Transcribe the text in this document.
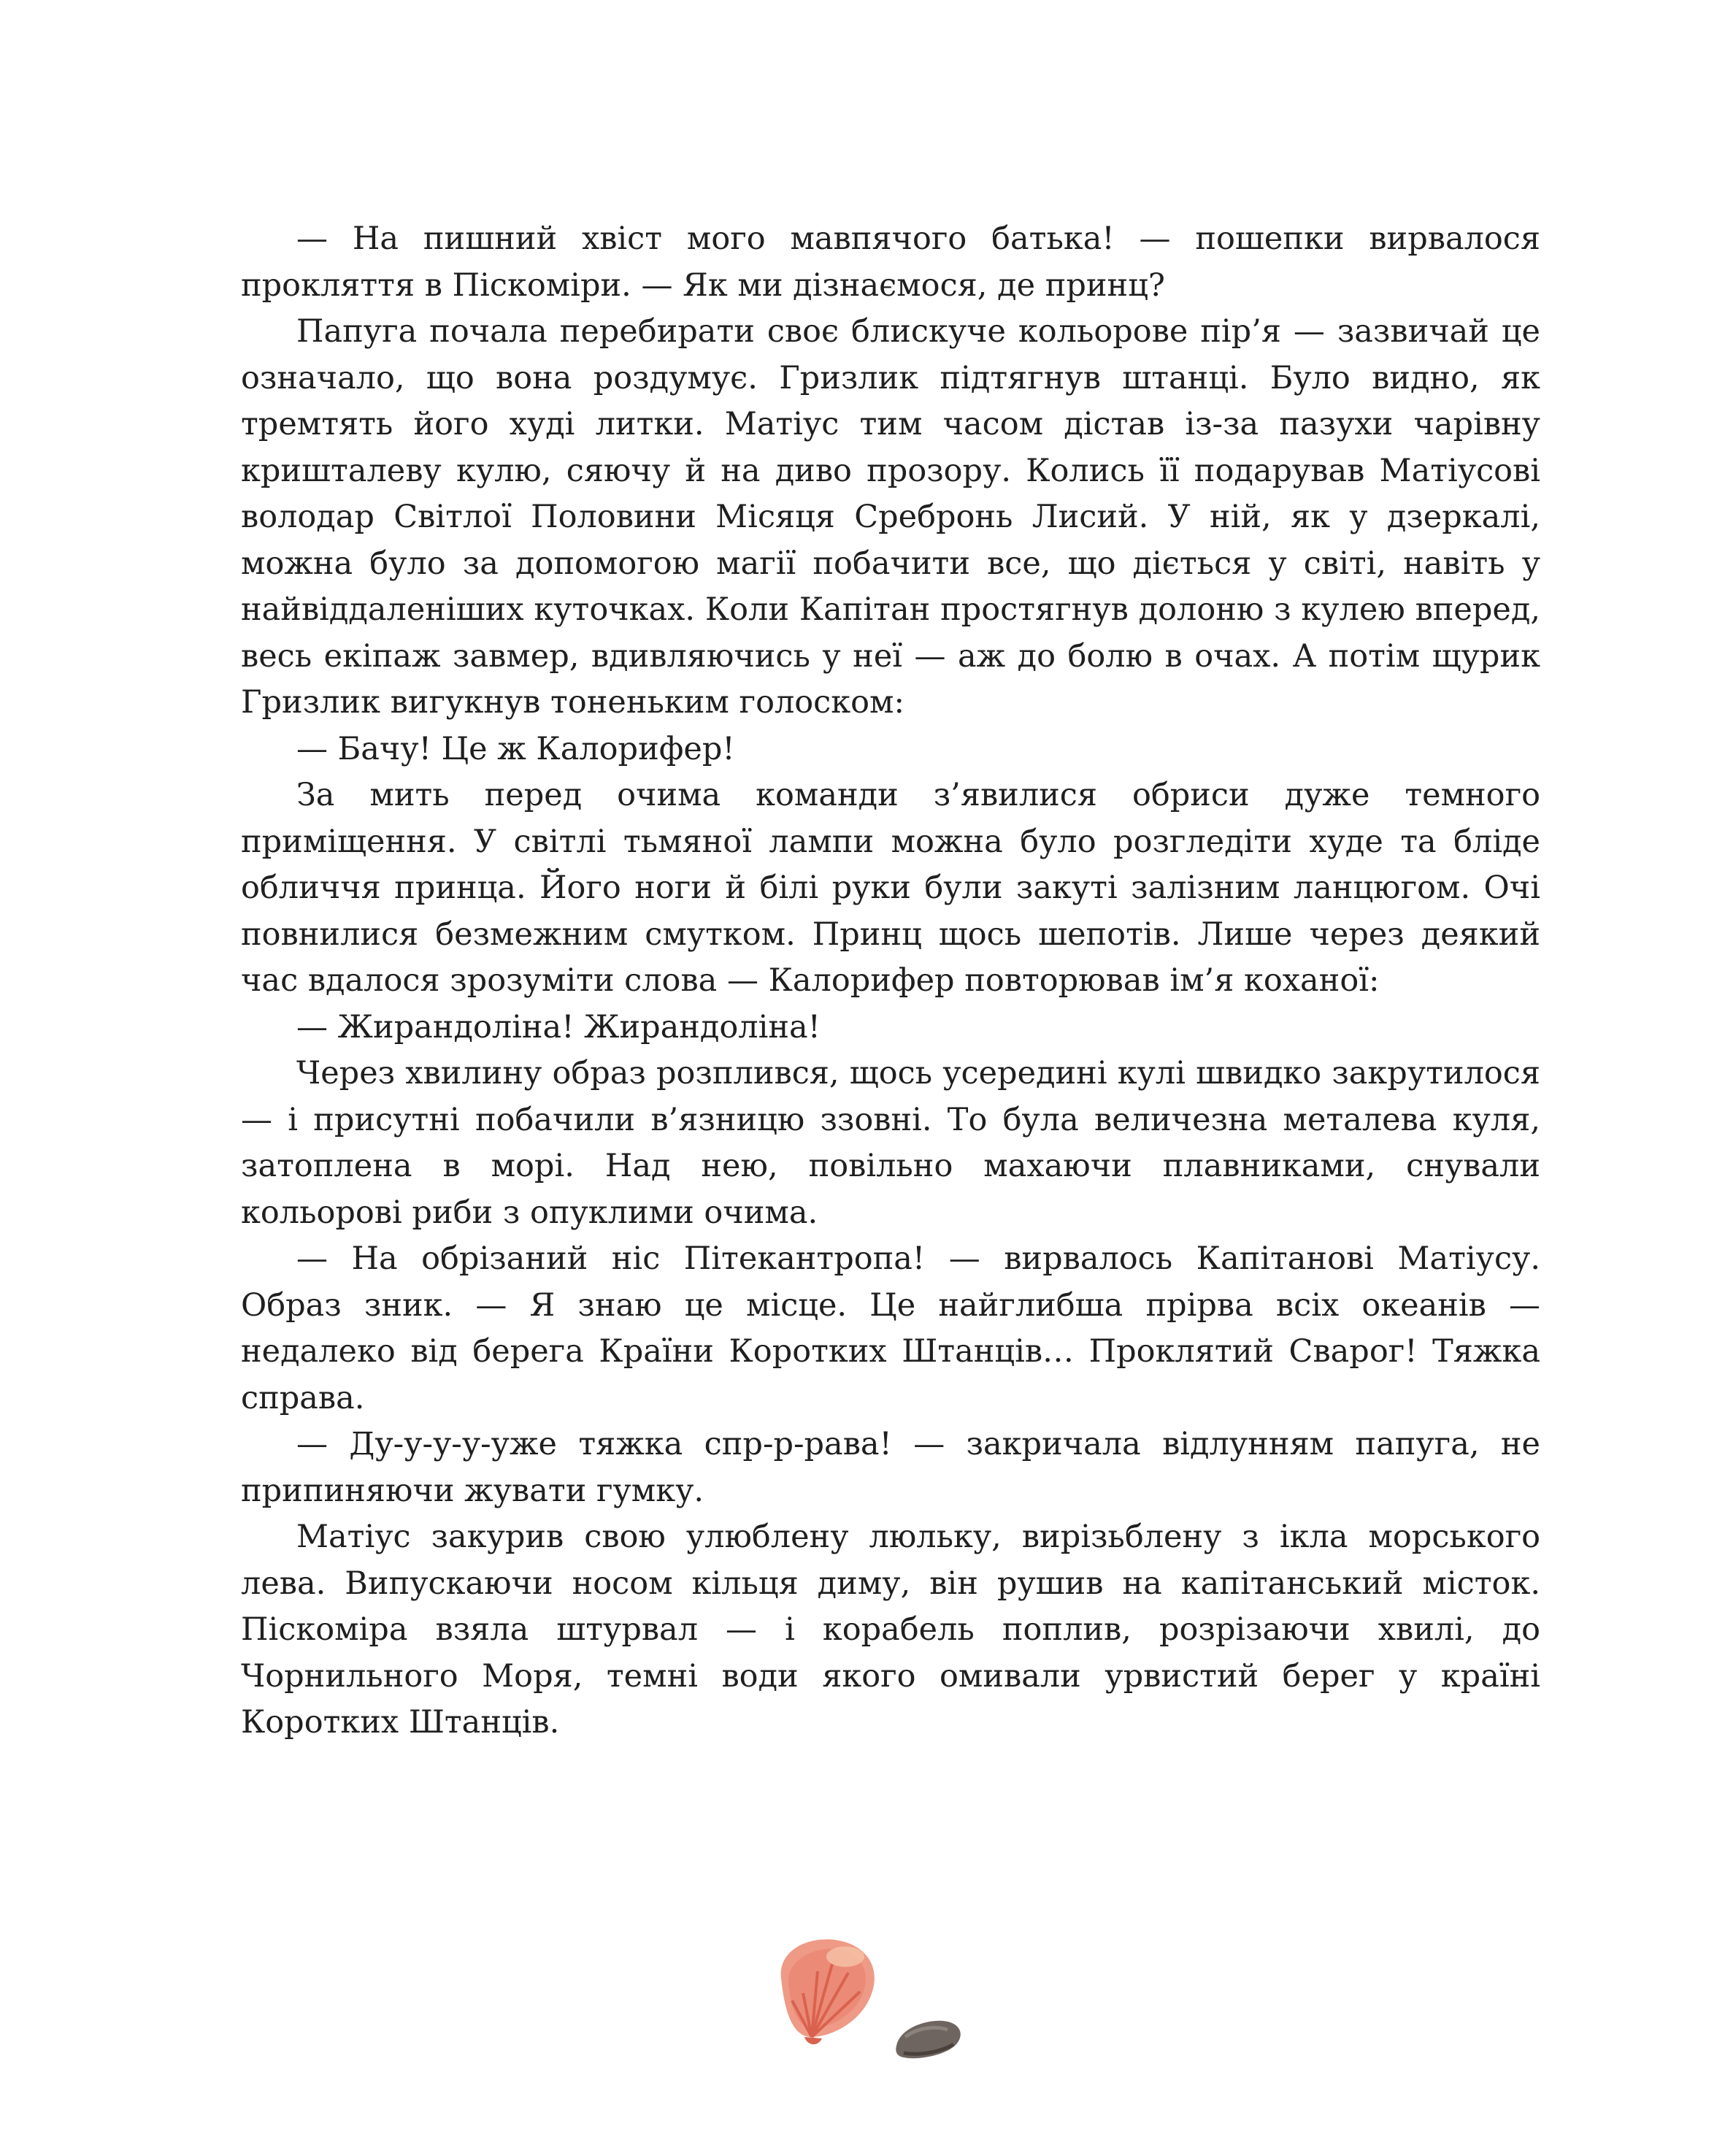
— На пишний хвіст мого мавпячого батька! — пошепки вирвалося прокляття в Піскоміри. — Як ми дізнаємося, де принц?

Папуга почала перебирати своє блискуче кольорове пір’я — зазвичай це означало, що вона роздумує. Гризлик підтягнув штанці. Було видно, як тремтять його худі литки. Матіус тим часом дістав із-за пазухи чарівну кришталеву кулю, сяючу й на диво прозору. Колись її подарував Матіусові володар Світлої Половини Місяця Сребронь Лисий. У ній, як у дзеркалі, можна було за допомогою магії побачити все, що діється у світі, навіть у найвіддаленіших куточках. Коли Капітан простягнув долоню з кулею вперед, весь екіпаж завмер, вдивляючись у неї — аж до болю в очах. А потім щурик Гризлик вигукнув тоненьким голоском:

— Бачу! Це ж Калорифер!

За мить перед очима команди з’явилися обриси дуже темного приміщення. У світлі тьмяної лампи можна було розгледіти худе та бліде обличчя принца. Його ноги й білі руки були закуті залізним ланцюгом. Очі повнилися безмежним смутком. Принц щось шепотів. Лише через деякий час вдалося зрозуміти слова — Калорифер повторював ім’я коханої:

— Жирандоліна! Жирандоліна!

Через хвилину образ розплився, щось усередині кулі швидко закрутилося — і присутні побачили в’язницю ззовні. То була величезна металева куля, затоплена в морі. Над нею, повільно махаючи плавниками, снували кольорові риби з опуклими очима.

— На обрізаний ніс Пітекантропа! — вирвалось Капітанові Матіусу. Образ зник. — Я знаю це місце. Це найглибша прірва всіх океанів — недалеко від берега Країни Коротких Штанців… Проклятий Сварог! Тяжка справа.

— Ду-у-у-у-уже тяжка спр-р-рава! — закричала відлунням папуга, не припиняючи жувати гумку.

Матіус закурив свою улюблену люльку, вирізьблену з ікла морського лева. Випускаючи носом кільця диму, він рушив на капітанський місток. Піскоміра взяла штурвал — і корабель поплив, розрізаючи хвилі, до Чорнильного Моря, темні води якого омивали урвистий берег у країні Коротких Штанців.
